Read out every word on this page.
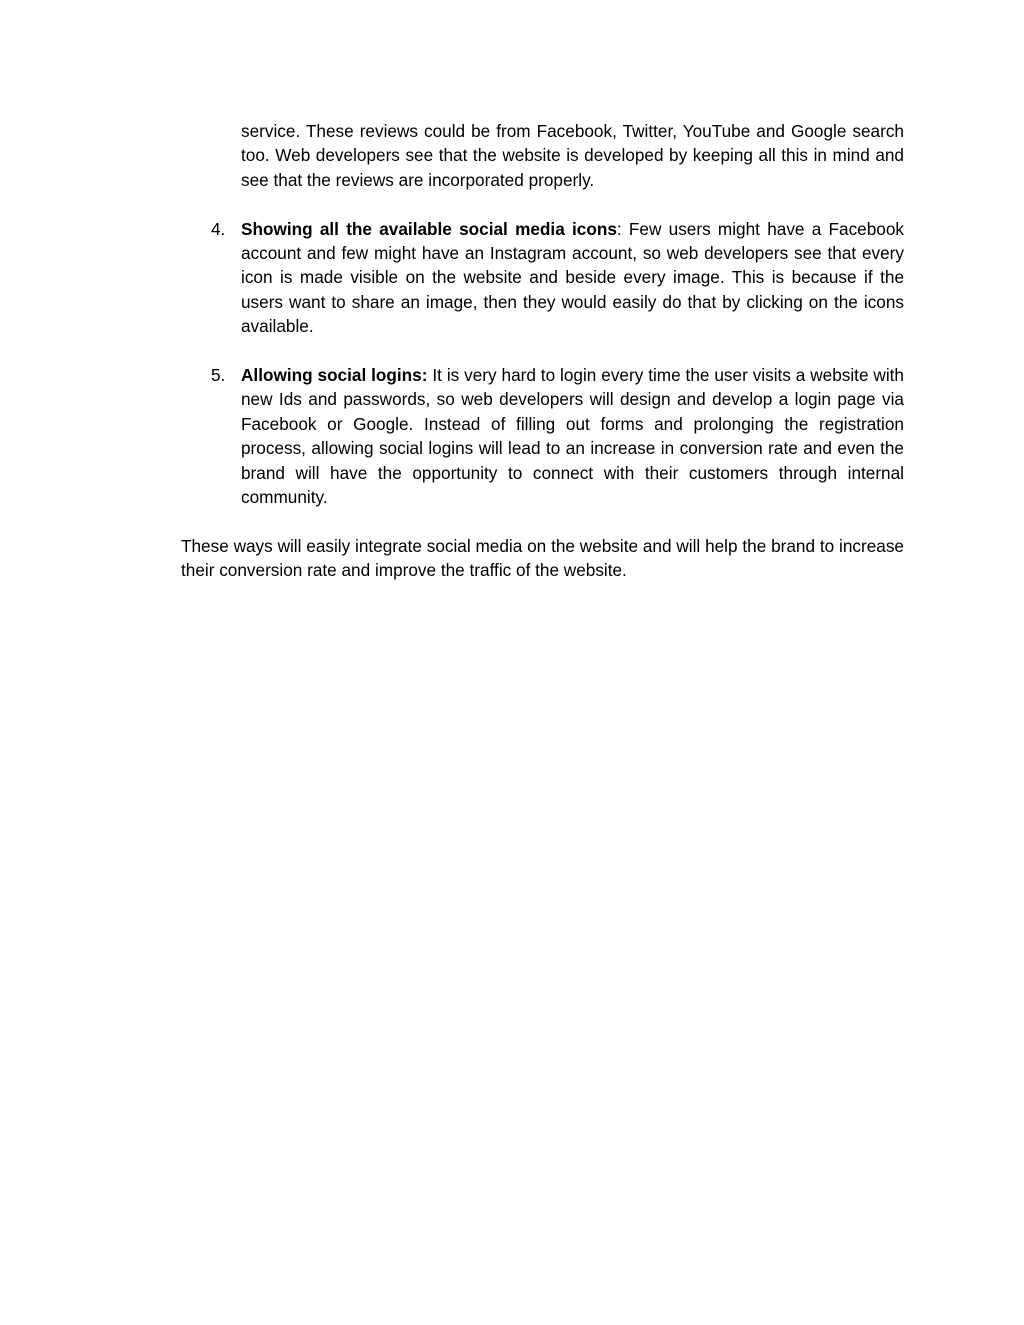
service. These reviews could be from Facebook, Twitter, YouTube and Google search too. Web developers see that the website is developed by keeping all this in mind and see that the reviews are incorporated properly.

4. Showing all the available social media icons: Few users might have a Facebook account and few might have an Instagram account, so web developers see that every icon is made visible on the website and beside every image. This is because if the users want to share an image, then they would easily do that by clicking on the icons available.

5. Allowing social logins: It is very hard to login every time the user visits a website with new Ids and passwords, so web developers will design and develop a login page via Facebook or Google. Instead of filling out forms and prolonging the registration process, allowing social logins will lead to an increase in conversion rate and even the brand will have the opportunity to connect with their customers through internal community.

These ways will easily integrate social media on the website and will help the brand to increase their conversion rate and improve the traffic of the website.
